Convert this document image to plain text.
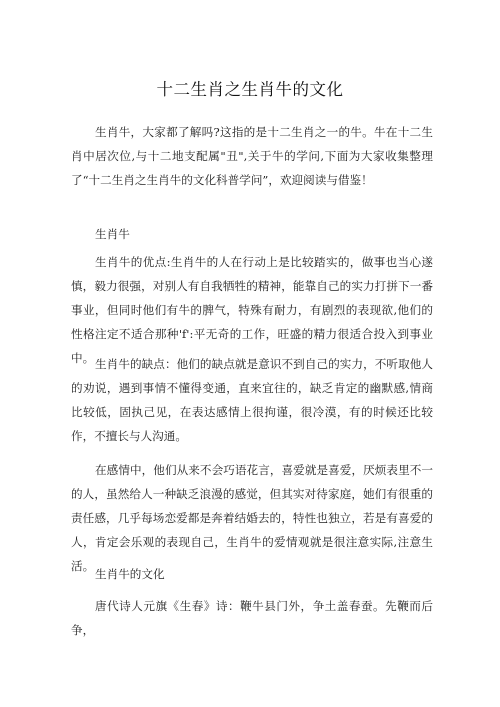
十二生肖之生肖牛的文化

生肖牛，大家都了解吗?这指的是十二生肖之一的牛。牛在十二生肖中居次位,与十二地支配属"丑",关于牛的学问,下面为大家收集整理了“十二生肖之生肖牛的文化科普学问”，欢迎阅读与借鉴！

生肖牛

生肖牛的优点:生肖牛的人在行动上是比较踏实的，做事也当心遂慎，毅力很强，对别人有自我牺牲的精神，能靠自己的实力打拼下一番事业，但同时他们有牛的脾气，特殊有耐力，有剧烈的表现欲,他们的性格注定不适合那种'f':平无奇的工作，旺盛的精力很适合投入到事业中。 生肖牛的缺点：他们的缺点就是意识不到自己的实力，不听取他人的劝说，遇到事情不懂得变通，直来宜往的，缺乏肯定的幽默感,情商比较低，固执己见，在表达感情上很拘谨，很冷漠，有的时候还比较作，不擅长与人沟通。

在感情中，他们从来不会巧语花言，喜爱就是喜爱，厌烦表里不一的人，虽然给人一种缺乏浪漫的感觉，但其实对待家庭，她们有很重的责任感，几乎每场恋爱都是奔着结婚去的，特性也独立，若是有喜爱的人，肯定会乐观的表现自己，生肖牛的爱情观就是很注意实际,注意生活。

生肖牛的文化

唐代诗人元旗《生春》诗：鞭牛县门外，争土盖春蚕。先鞭而后争，
